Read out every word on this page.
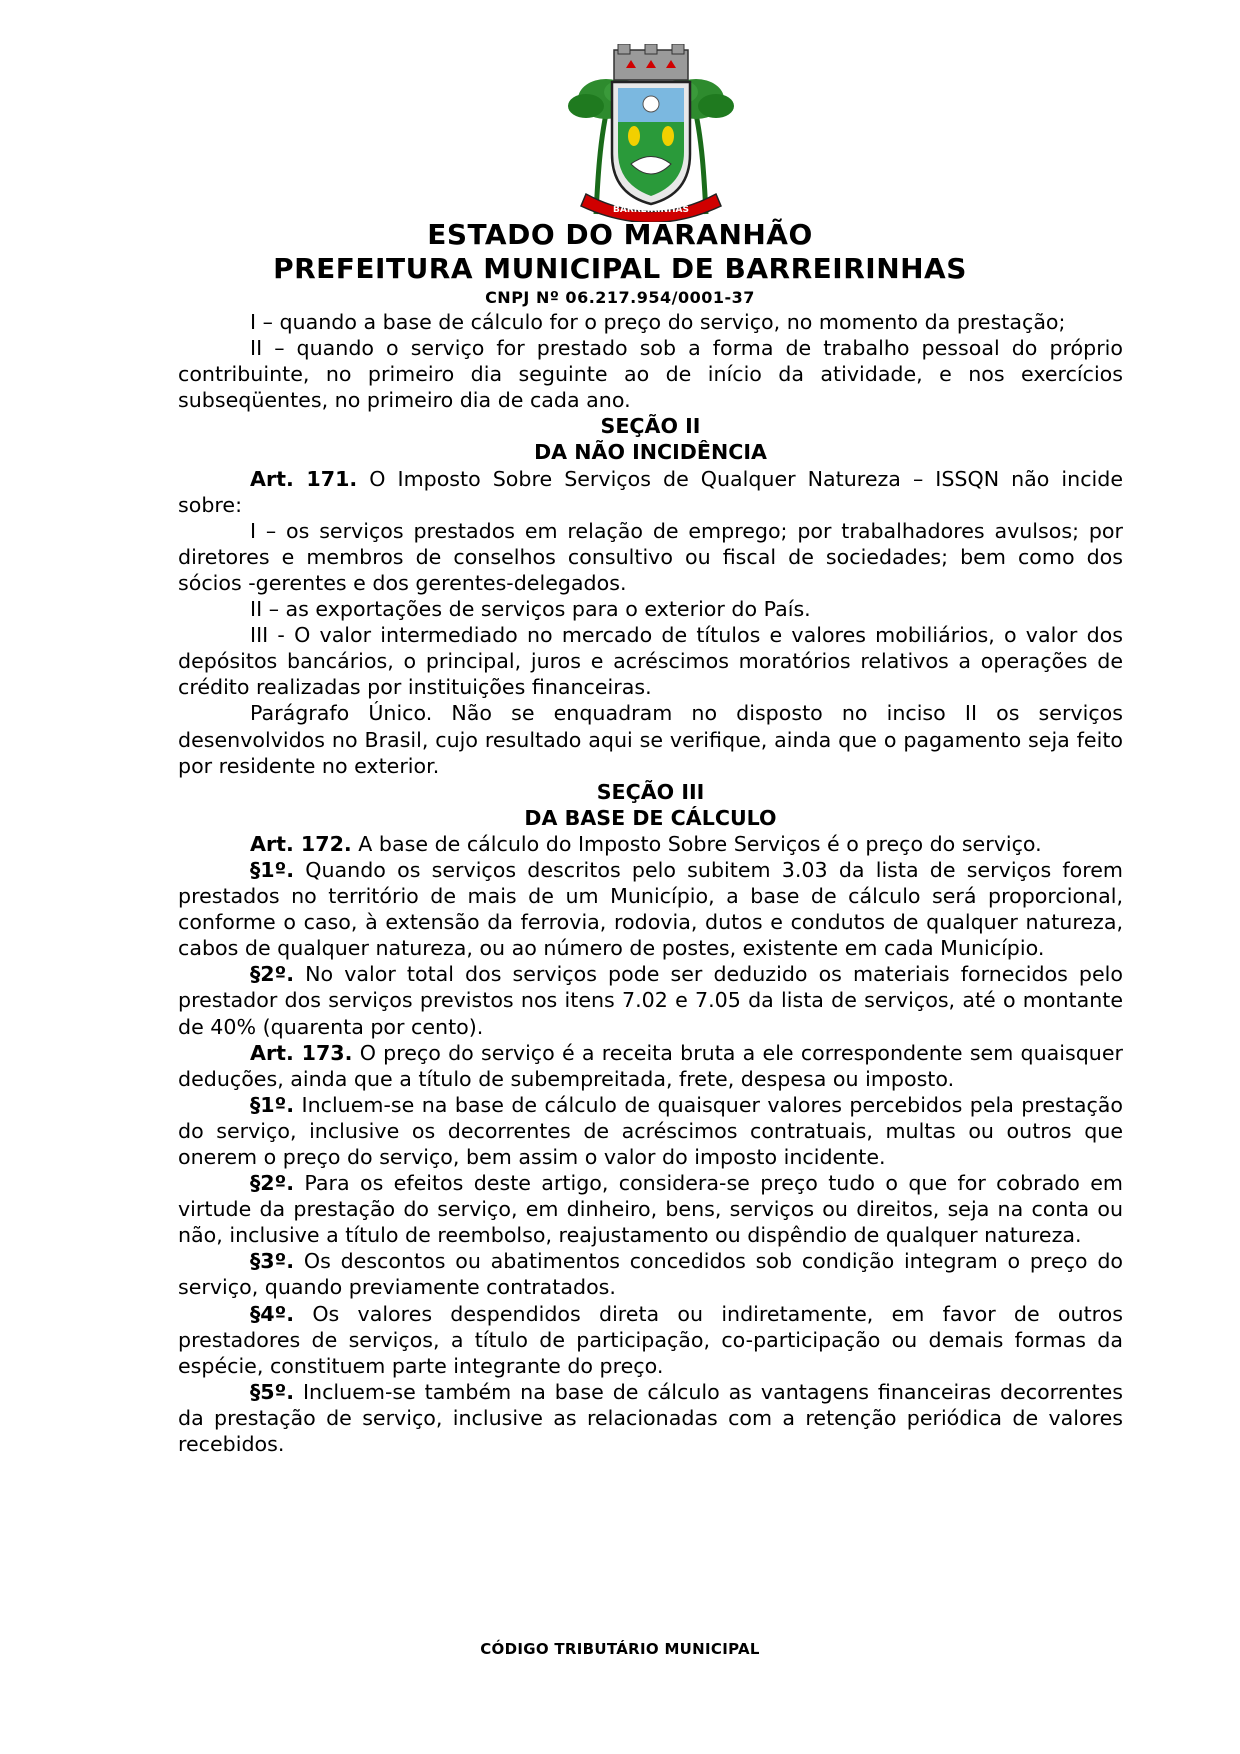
BARREIRINHAS
ESTADO DO MARANHÃO
PREFEITURA MUNICIPAL DE BARREIRINHAS
CNPJ Nº 06.217.954/0001-37

I – quando a base de cálculo for o preço do serviço, no momento da prestação;

II – quando o serviço for prestado sob a forma de trabalho pessoal do próprio contribuinte, no primeiro dia seguinte ao de início da atividade, e nos exercícios subseqüentes, no primeiro dia de cada ano.

SEÇÃO II

DA NÃO INCIDÊNCIA

Art. 171. O Imposto Sobre Serviços de Qualquer Natureza – ISSQN não incide sobre:

I – os serviços prestados em relação de emprego; por trabalhadores avulsos; por diretores e membros de conselhos consultivo ou fiscal de sociedades; bem como dos sócios -gerentes e dos gerentes-delegados.

II – as exportações de serviços para o exterior do País.

III - O valor intermediado no mercado de títulos e valores mobiliários, o valor dos depósitos bancários, o principal, juros e acréscimos moratórios relativos a operações de crédito realizadas por instituições financeiras.

Parágrafo Único. Não se enquadram no disposto no inciso II os serviços desenvolvidos no Brasil, cujo resultado aqui se verifique, ainda que o pagamento seja feito por residente no exterior.

SEÇÃO III

DA BASE DE CÁLCULO

Art. 172. A base de cálculo do Imposto Sobre Serviços é o preço do serviço.

§1º. Quando os serviços descritos pelo subitem 3.03 da lista de serviços forem prestados no território de mais de um Município, a base de cálculo será proporcional, conforme o caso, à extensão da ferrovia, rodovia, dutos e condutos de qualquer natureza, cabos de qualquer natureza, ou ao número de postes, existente em cada Município.

§2º. No valor total dos serviços pode ser deduzido os materiais fornecidos pelo prestador dos serviços previstos nos itens 7.02 e 7.05 da lista de serviços, até o montante de 40% (quarenta por cento).

Art. 173. O preço do serviço é a receita bruta a ele correspondente sem quaisquer deduções, ainda que a título de subempreitada, frete, despesa ou imposto.

§1º. Incluem-se na base de cálculo de quaisquer valores percebidos pela prestação do serviço, inclusive os decorrentes de acréscimos contratuais, multas ou outros que onerem o preço do serviço, bem assim o valor do imposto incidente.

§2º. Para os efeitos deste artigo, considera-se preço tudo o que for cobrado em virtude da prestação do serviço, em dinheiro, bens, serviços ou direitos, seja na conta ou não, inclusive a título de reembolso, reajustamento ou dispêndio de qualquer natureza.

§3º. Os descontos ou abatimentos concedidos sob condição integram o preço do serviço, quando previamente contratados.

§4º. Os valores despendidos direta ou indiretamente, em favor de outros prestadores de serviços, a título de participação, co-participação ou demais formas da espécie, constituem parte integrante do preço.

§5º. Incluem-se também na base de cálculo as vantagens financeiras decorrentes da prestação de serviço, inclusive as relacionadas com a retenção periódica de valores recebidos.

CÓDIGO TRIBUTÁRIO MUNICIPAL
